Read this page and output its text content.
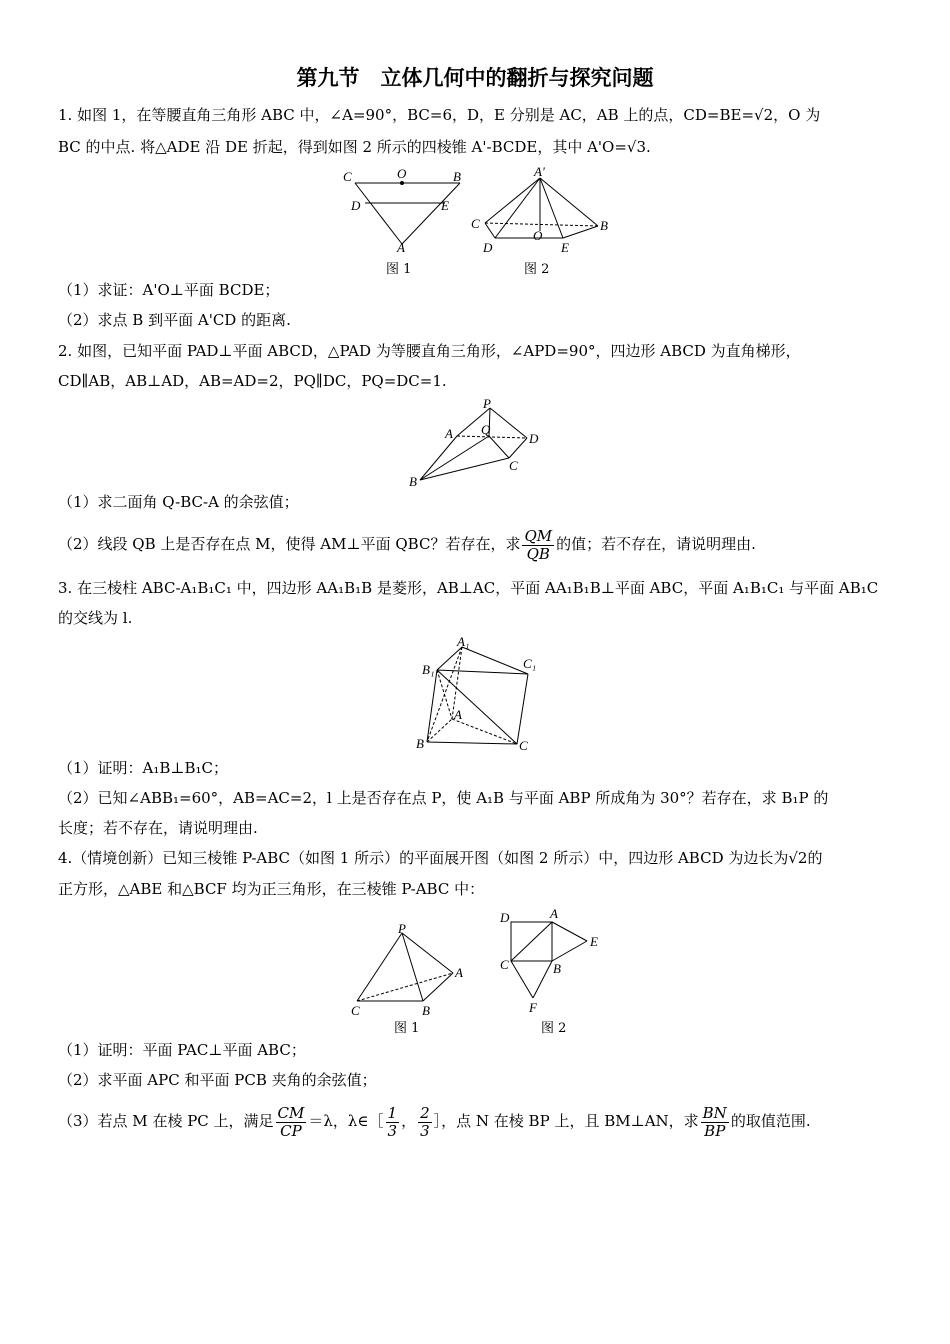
第九节　立体几何中的翻折与探究问题
1. 如图 1，在等腰直角三角形 ABC 中，∠A=90°，BC=6，D，E 分别是 AC，AB 上的点，CD=BE=√2，O 为
BC 的中点. 将△ADE 沿 DE 折起，得到如图 2 所示的四棱锥 A'-BCDE，其中 A'O=√3.
C	O	B
D	E
A
A′
C	B
D
O
E
图 1	图 2
（1）求证：A'O⊥平面 BCDE；
（2）求点 B 到平面 A'CD 的距离.
2. 如图，已知平面 PAD⊥平面 ABCD，△PAD 为等腰直角三角形，∠APD=90°，四边形 ABCD 为直角梯形，
CD∥AB，AB⊥AD，AB=AD=2，PQ∥DC，PQ=DC=1.
P
A Q
D
C
B
（1）求二面角 Q-BC-A 的余弦值；
（2）线段 QB 上是否存在点 M，使得 AM⊥平面 QBC？若存在，求 $\frac{QM}{QB}$ 的值；若不存在，请说明理由.
3. 在三棱柱 ABC-A₁B₁C₁ 中，四边形 AA₁B₁B 是菱形，AB⊥AC，平面 AA₁B₁B⊥平面 ABC，平面 A₁B₁C₁ 与平面 AB₁C
的交线为 l.
A₁
B₁	C₁
A
B	C
（1）证明：A₁B⊥B₁C；
（2）已知∠ABB₁=60°，AB=AC=2，l 上是否存在点 P，使 A₁B 与平面 ABP 所成角为 30°？若存在，求 B₁P 的
长度；若不存在，请说明理由.
4.（情境创新）已知三棱锥 P-ABC（如图 1 所示）的平面展开图（如图 2 所示）中，四边形 ABCD 为边长为√2的
正方形，△ABE 和△BCF 均为正三角形，在三棱锥 P-ABC 中：
P
A
C	B
D	A
E
C	B
F
图 1	图 2
（1）证明：平面 PAC⊥平面 ABC；
（2）求平面 APC 和平面 PCB 夹角的余弦值；
（3）若点 M 在棱 PC 上，满足 $\frac{CM}{CP} =\lambda$，λ∈［ $\frac{1}{3}$ ， $\frac{2}{3}$ ］，点 N 在棱 BP 上，且 BM⊥AN，求 $\frac{BN}{BP}$ 的取值范围.
